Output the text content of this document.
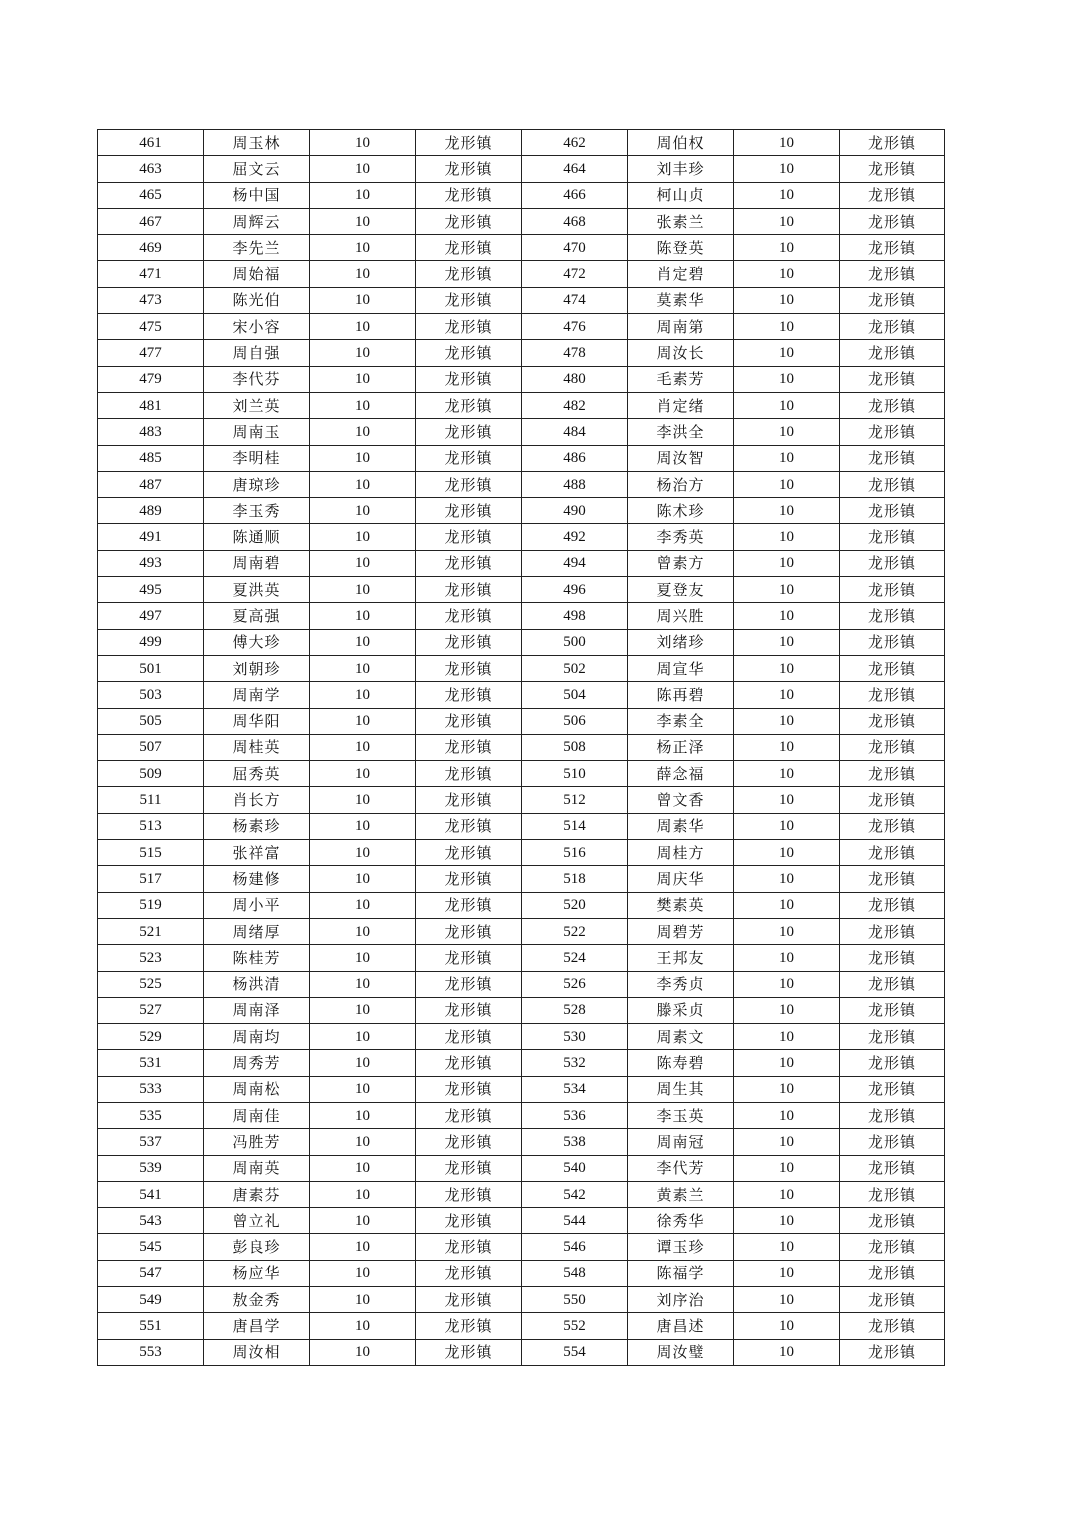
461	周玉林	10	龙形镇	462	周伯权	10	龙形镇
463	屈文云	10	龙形镇	464	刘丰珍	10	龙形镇
465	杨中国	10	龙形镇	466	柯山贞	10	龙形镇
467	周辉云	10	龙形镇	468	张素兰	10	龙形镇
469	李先兰	10	龙形镇	470	陈登英	10	龙形镇
471	周始福	10	龙形镇	472	肖定碧	10	龙形镇
473	陈光伯	10	龙形镇	474	莫素华	10	龙形镇
475	宋小容	10	龙形镇	476	周南第	10	龙形镇
477	周自强	10	龙形镇	478	周汝长	10	龙形镇
479	李代芬	10	龙形镇	480	毛素芳	10	龙形镇
481	刘兰英	10	龙形镇	482	肖定绪	10	龙形镇
483	周南玉	10	龙形镇	484	李洪全	10	龙形镇
485	李明桂	10	龙形镇	486	周汝智	10	龙形镇
487	唐琼珍	10	龙形镇	488	杨治方	10	龙形镇
489	李玉秀	10	龙形镇	490	陈术珍	10	龙形镇
491	陈通顺	10	龙形镇	492	李秀英	10	龙形镇
493	周南碧	10	龙形镇	494	曾素方	10	龙形镇
495	夏洪英	10	龙形镇	496	夏登友	10	龙形镇
497	夏高强	10	龙形镇	498	周兴胜	10	龙形镇
499	傅大珍	10	龙形镇	500	刘绪珍	10	龙形镇
501	刘朝珍	10	龙形镇	502	周宣华	10	龙形镇
503	周南学	10	龙形镇	504	陈再碧	10	龙形镇
505	周华阳	10	龙形镇	506	李素全	10	龙形镇
507	周桂英	10	龙形镇	508	杨正泽	10	龙形镇
509	屈秀英	10	龙形镇	510	薛念福	10	龙形镇
511	肖长方	10	龙形镇	512	曾文香	10	龙形镇
513	杨素珍	10	龙形镇	514	周素华	10	龙形镇
515	张祥富	10	龙形镇	516	周桂方	10	龙形镇
517	杨建修	10	龙形镇	518	周庆华	10	龙形镇
519	周小平	10	龙形镇	520	樊素英	10	龙形镇
521	周绪厚	10	龙形镇	522	周碧芳	10	龙形镇
523	陈桂芳	10	龙形镇	524	王邦友	10	龙形镇
525	杨洪清	10	龙形镇	526	李秀贞	10	龙形镇
527	周南泽	10	龙形镇	528	滕采贞	10	龙形镇
529	周南均	10	龙形镇	530	周素文	10	龙形镇
531	周秀芳	10	龙形镇	532	陈寿碧	10	龙形镇
533	周南松	10	龙形镇	534	周生其	10	龙形镇
535	周南佳	10	龙形镇	536	李玉英	10	龙形镇
537	冯胜芳	10	龙形镇	538	周南冠	10	龙形镇
539	周南英	10	龙形镇	540	李代芳	10	龙形镇
541	唐素芬	10	龙形镇	542	黄素兰	10	龙形镇
543	曾立礼	10	龙形镇	544	徐秀华	10	龙形镇
545	彭良珍	10	龙形镇	546	谭玉珍	10	龙形镇
547	杨应华	10	龙形镇	548	陈福学	10	龙形镇
549	敖金秀	10	龙形镇	550	刘序治	10	龙形镇
551	唐昌学	10	龙形镇	552	唐昌述	10	龙形镇
553	周汝相	10	龙形镇	554	周汝璧	10	龙形镇
